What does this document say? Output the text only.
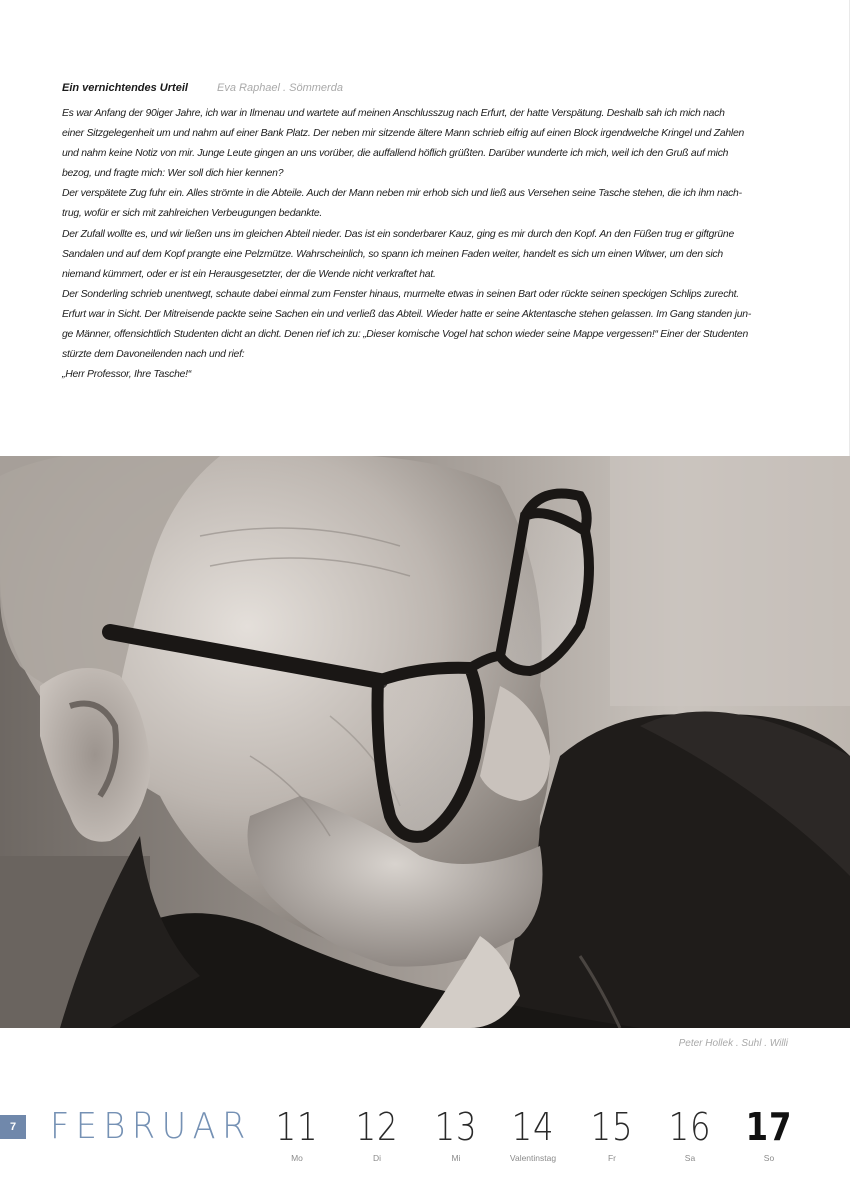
Ein vernichtendes Urteil	Eva Raphael . Sömmerda

Es war Anfang der 90iger Jahre, ich war in Ilmenau und wartete auf meinen Anschlusszug nach Erfurt, der hatte Verspätung. Deshalb sah ich mich nach

einer Sitzgelegenheit um und nahm auf einer Bank Platz. Der neben mir sitzende ältere Mann schrieb eifrig auf einen Block irgendwelche Kringel und Zahlen

und nahm keine Notiz von mir. Junge Leute gingen an uns vorüber, die auffallend höflich grüßten. Darüber wunderte ich mich, weil ich den Gruß auf mich

bezog, und fragte mich: Wer soll dich hier kennen?

Der verspätete Zug fuhr ein. Alles strömte in die Abteile. Auch der Mann neben mir erhob sich und ließ aus Versehen seine Tasche stehen, die ich ihm nach-

trug, wofür er sich mit zahlreichen Verbeugungen bedankte.

Der Zufall wollte es, und wir ließen uns im gleichen Abteil nieder. Das ist ein sonderbarer Kauz, ging es mir durch den Kopf. An den Füßen trug er giftgrüne

Sandalen und auf dem Kopf prangte eine Pelzmütze. Wahrscheinlich, so spann ich meinen Faden weiter, handelt es sich um einen Witwer, um den sich

niemand kümmert, oder er ist ein Herausgesetzter, der die Wende nicht verkraftet hat.

Der Sonderling schrieb unentwegt, schaute dabei einmal zum Fenster hinaus, murmelte etwas in seinen Bart oder rückte seinen speckigen Schlips zurecht.

Erfurt war in Sicht. Der Mitreisende packte seine Sachen ein und verließ das Abteil. Wieder hatte er seine Aktentasche stehen gelassen. Im Gang standen jun-

ge Männer, offensichtlich Studenten dicht an dicht. Denen rief ich zu: „Dieser komische Vogel hat schon wieder seine Mappe vergessen!“ Einer der Studenten

stürzte dem Davoneilenden nach und rief:

„Herr Professor, Ihre Tasche!“

Peter Hollek . Suhl . Willi
7 FEBRUAR 11
Mo
12
Di
13
Mi
14
Valentinstag
15
Fr
16
Sa
17
So
